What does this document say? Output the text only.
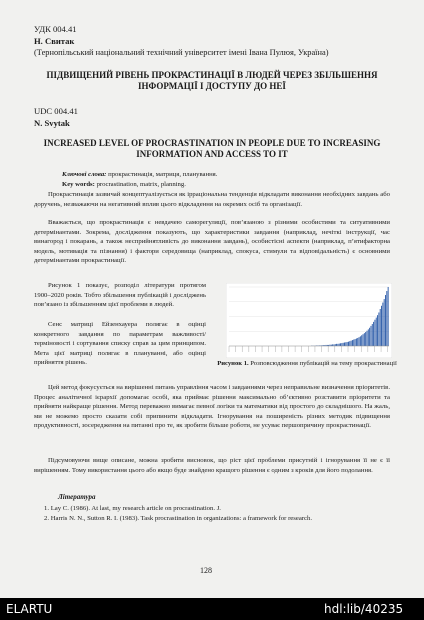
УДК 004.41

Н. Свитак

(Тернопільський національний технічний університет імені Івана Пулюя, Україна)

ПІДВИЩЕНИЙ РІВЕНЬ ПРОКРАСТИНАЦІЇ В ЛЮДЕЙ ЧЕРЕЗ ЗБІЛЬШЕННЯ ІНФОРМАЦІЇ І ДОСТУПУ ДО НЕЇ

UDC 004.41

N. Svytak

INCREASED LEVEL OF PROCRASTINATION IN PEOPLE DUE TO INCREASING INFORMATION AND ACCESS TO IT

Ключові слова: прокрастинація, матриця, планування.

Key words: procrastination, matrix, planning.

Прокрастинація зазвичай концептуалізується як ірраціональна тенденція відкладати виконання необхідних завдань або доручень, незважаючи на негативний вплив цього відкладення на окремих осіб та організації.

Вважається, що прокрастинація є невдачею саморегуляції, пов’язаною з різними особистими та ситуативними детермінантами. Зокрема, дослідження показують, що характеристики завдання (наприклад, нечіткі інструкції, час винагород і покарань, а також несприйнятливість до виконання завдань), особистісні аспекти (наприклад, п’ятифакторна модель, мотивація та пізнання) і фактори середовища (наприклад, спокуса, стимули та відповідальність) є основними детермінантами прокрастинації.

Рисунок 1 показує, розподіл літератури протягом 1900–2020 років. Тобто збільшення публікацій і досліджень пов’язано із збільшенням цієї проблеми в людей.

Сенс матриці Ейзенхауера полягає в оцінці конкретного завдання по параметрам важливості/терміновості і сортування списку справ за цим принципом. Мета цієї матриці полягає в плануванні, або оцінці прийняття рішень.	Рисунок 1. Розповсюдження публікацій на тему прокрастинації

Цей метод фокусується на вирішенні питань управління часом і завданнями через неправильне визначення пріоритетів. Процес аналітичної ієрархії допомагає особі, яка приймає рішення максимально об’єктивно розставити пріоритети та прийняти найкраще рішення. Метод переважно вимагає певної логіки та математики від простого до складнішого. На жаль, ми не можемо просто сказати собі припинити відкладати. Ігнорування на поширеність різних методик підвищення продуктивності, зосередження на питанні про те, як зробити більше роботи, не усуває першопричину прокрастинації.

Підсумовуючи вище описане, можна зробити висновок, що ріст цієї проблеми присутній і ігнорування її не є її вирішенням. Тому використання цього або якщо буде знайдено кращого рішення є одним з кроків для його подолання.

Література

1. Lay C. (1986). At last, my research article on procrastination. J.

2. Harris N. N., Sutton R. I. (1983). Task procrastination in organizations: a framework for research.

128
ELARTU	hdl:lib/40235
